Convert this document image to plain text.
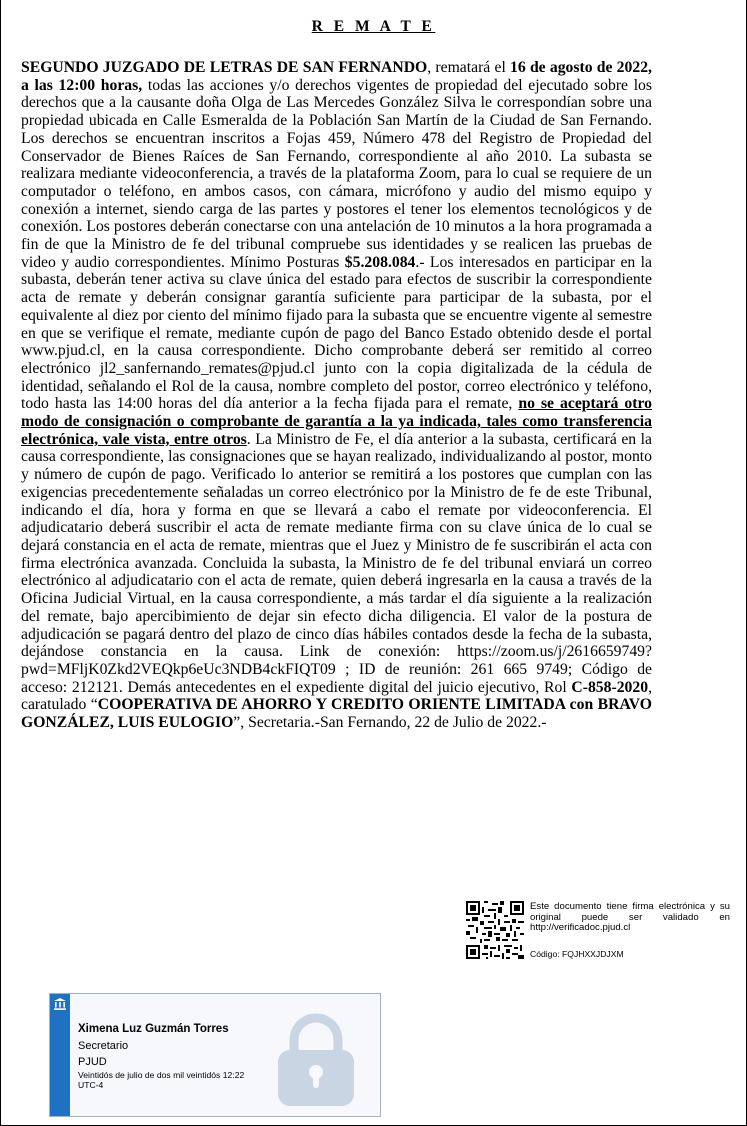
R E M A T E
SEGUNDO JUZGADO DE LETRAS DE SAN FERNANDO, rematará el 16 de agosto de 2022, a las 12:00 horas, todas las acciones y/o derechos vigentes de propiedad del ejecutado sobre los derechos que a la causante doña Olga de Las Mercedes González Silva le correspondían sobre una propiedad ubicada en Calle Esmeralda de la Población San Martín de la Ciudad de San Fernando. Los derechos se encuentran inscritos a Fojas 459, Número 478 del Registro de Propiedad del Conservador de Bienes Raíces de San Fernando, correspondiente al año 2010. La subasta se realizara mediante videoconferencia, a través de la plataforma Zoom, para lo cual se requiere de un computador o teléfono, en ambos casos, con cámara, micrófono y audio del mismo equipo y conexión a internet, siendo carga de las partes y postores el tener los elementos tecnológicos y de conexión. Los postores deberán conectarse con una antelación de 10 minutos a la hora programada a fin de que la Ministro de fe del tribunal compruebe sus identidades y se realicen las pruebas de video y audio correspondientes. Mínimo Posturas $5.208.084.- Los interesados en participar en la subasta, deberán tener activa su clave única del estado para efectos de suscribir la correspondiente acta de remate y deberán consignar garantía suficiente para participar de la subasta, por el equivalente al diez por ciento del mínimo fijado para la subasta que se encuentre vigente al semestre en que se verifique el remate, mediante cupón de pago del Banco Estado obtenido desde el portal www.pjud.cl, en la causa correspondiente. Dicho comprobante deberá ser remitido al correo electrónico jl2_sanfernando_remates@pjud.cl junto con la copia digitalizada de la cédula de identidad, señalando el Rol de la causa, nombre completo del postor, correo electrónico y teléfono, todo hasta las 14:00 horas del día anterior a la fecha fijada para el remate, no se aceptará otro modo de consignación o comprobante de garantía a la ya indicada, tales como transferencia electrónica, vale vista, entre otros. La Ministro de Fe, el día anterior a la subasta, certificará en la causa correspondiente, las consignaciones que se hayan realizado, individualizando al postor, monto y número de cupón de pago. Verificado lo anterior se remitirá a los postores que cumplan con las exigencias precedentemente señaladas un correo electrónico por la Ministro de fe de este Tribunal, indicando el día, hora y forma en que se llevará a cabo el remate por videoconferencia. El adjudicatario deberá suscribir el acta de remate mediante firma con su clave única de lo cual se dejará constancia en el acta de remate, mientras que el Juez y Ministro de fe suscribirán el acta con firma electrónica avanzada. Concluida la subasta, la Ministro de fe del tribunal enviará un correo electrónico al adjudicatario con el acta de remate, quien deberá ingresarla en la causa a través de la Oficina Judicial Virtual, en la causa correspondiente, a más tardar el día siguiente a la realización del remate, bajo apercibimiento de dejar sin efecto dicha diligencia. El valor de la postura de adjudicación se pagará dentro del plazo de cinco días hábiles contados desde la fecha de la subasta, dejándose constancia en la causa. Link de conexión: https://zoom.us/j/2616659749?pwd=MFljK0Zkd2VEQkp6eUc3NDB4ckFIQT09 ; ID de reunión: 261 665 9749; Código de acceso: 212121. Demás antecedentes en el expediente digital del juicio ejecutivo, Rol C-858-2020, caratulado “COOPERATIVA DE AHORRO Y CREDITO ORIENTE LIMITADA con BRAVO GONZÁLEZ, LUIS EULOGIO”, Secretaria.-San Fernando, 22 de Julio de 2022.-
Este documento tiene firma electrónica y su original puede ser validado en http://verificadoc.pjud.cl
Código: FQJHXXJDJXM
Ximena Luz Guzmán Torres
Secretario
PJUD
Veintidós de julio de dos mil veintidós 12:22 UTC-4
